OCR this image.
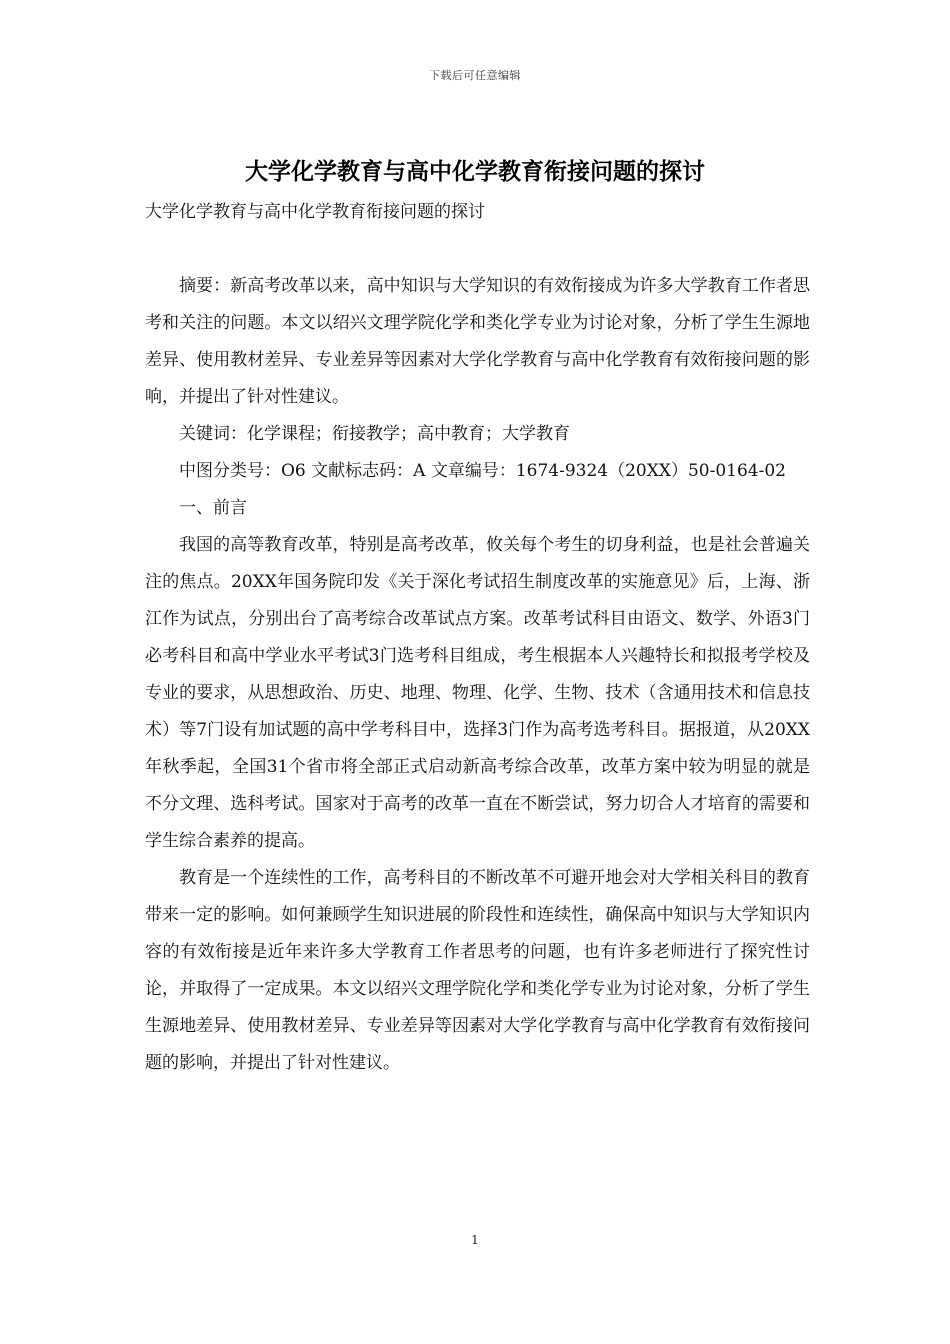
下载后可任意编辑
大学化学教育与高中化学教育衔接问题的探讨
大学化学教育与高中化学教育衔接问题的探讨

摘要：新高考改革以来，高中知识与大学知识的有效衔接成为许多大学教育工作者思考和关注的问题。本文以绍兴文理学院化学和类化学专业为讨论对象，分析了学生生源地差异、使用教材差异、专业差异等因素对大学化学教育与高中化学教育有效衔接问题的影响，并提出了针对性建议。

关键词：化学课程；衔接教学；高中教育；大学教育

中图分类号：O6 文献标志码：A 文章编号：1674-9324（20XX）50-0164-02

一、前言

我国的高等教育改革，特别是高考改革，攸关每个考生的切身利益，也是社会普遍关注的焦点。20XX年国务院印发《关于深化考试招生制度改革的实施意见》后，上海、浙江作为试点，分别出台了高考综合改革试点方案。改革考试科目由语文、数学、外语3门必考科目和高中学业水平考试3门选考科目组成，考生根据本人兴趣特长和拟报考学校及专业的要求，从思想政治、历史、地理、物理、化学、生物、技术（含通用技术和信息技术）等7门设有加试题的高中学考科目中，选择3门作为高考选考科目。据报道，从20XX年秋季起，全国31个省市将全部正式启动新高考综合改革，改革方案中较为明显的就是不分文理、选科考试。国家对于高考的改革一直在不断尝试，努力切合人才培育的需要和学生综合素养的提高。

教育是一个连续性的工作，高考科目的不断改革不可避开地会对大学相关科目的教育带来一定的影响。如何兼顾学生知识进展的阶段性和连续性，确保高中知识与大学知识内容的有效衔接是近年来许多大学教育工作者思考的问题，也有许多老师进行了探究性讨论，并取得了一定成果。本文以绍兴文理学院化学和类化学专业为讨论对象，分析了学生生源地差异、使用教材差异、专业差异等因素对大学化学教育与高中化学教育有效衔接问题的影响，并提出了针对性建议。

1
